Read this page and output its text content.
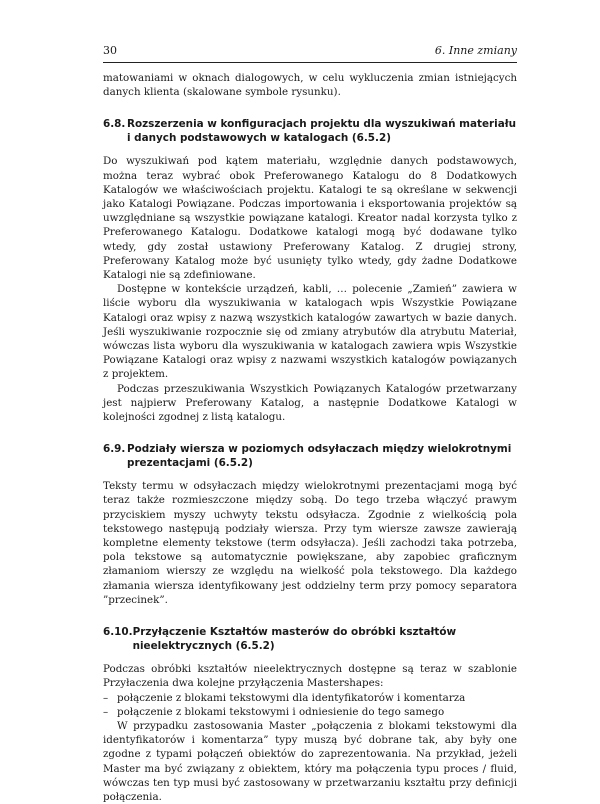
30	6. Inne zmiany

matowaniami w oknach dialogowych, w celu wykluczenia zmian istniejących danych klienta (skalowane symbole rysunku).

6.8. Rozszerzenia w konfiguracjach projektu dla wyszukiwań materiału i danych podstawowych w katalogach (6.5.2)

Do wyszukiwań pod kątem materiału, względnie danych podstawowych, można teraz wybrać obok Preferowanego Katalogu do 8 Dodatkowych Katalogów we właściwościach projektu. Katalogi te są określane w sekwencji jako Katalogi Powiązane. Podczas importowania i eksportowania projektów są uwzględniane są wszystkie powiązane katalogi. Kreator nadal korzysta tylko z Preferowanego Katalogu. Dodatkowe katalogi mogą być dodawane tylko wtedy, gdy został ustawiony Preferowany Katalog. Z drugiej strony, Preferowany Katalog może być usunięty tylko wtedy, gdy żadne Dodatkowe Katalogi nie są zdefiniowane.

Dostępne w kontekście urządzeń, kabli, … polecenie „Zamień” zawiera w liście wyboru dla wyszukiwania w katalogach wpis Wszystkie Powiązane Katalogi oraz wpisy z nazwą wszystkich katalogów zawartych w bazie danych. Jeśli wyszukiwanie rozpocznie się od zmiany atrybutów dla atrybutu Materiał, wówczas lista wyboru dla wyszukiwania w katalogach zawiera wpis Wszystkie Powiązane Katalogi oraz wpisy z nazwami wszystkich katalogów powiązanych z projektem.

Podczas przeszukiwania Wszystkich Powiązanych Katalogów przetwarzany jest najpierw Preferowany Katalog, a następnie Dodatkowe Katalogi w kolejności zgodnej z listą katalogu.

6.9. Podziały wiersza w poziomych odsyłaczach między wielokrotnymi prezentacjami (6.5.2)

Teksty termu w odsyłaczach między wielokrotnymi prezentacjami mogą być teraz także rozmieszczone między sobą. Do tego trzeba włączyć prawym przyciskiem myszy uchwyty tekstu odsyłacza. Zgodnie z wielkością pola tekstowego następują podziały wiersza. Przy tym wiersze zawsze zawierają kompletne elementy tekstowe (term odsyłacza). Jeśli zachodzi taka potrzeba, pola tekstowe są automatycznie powiększane, aby zapobiec graficznym złamaniom wierszy ze względu na wielkość pola tekstowego. Dla każdego złamania wiersza identyfikowany jest oddzielny term przy pomocy separatora ”przecinek”.

6.10. Przyłączenie Kształtów masterów do obróbki kształtów nieelektrycznych (6.5.2)

Podczas obróbki kształtów nieelektrycznych dostępne są teraz w szablonie Przyłaczenia dwa kolejne przyłączenia Mastershapes:

– połączenie z blokami tekstowymi dla identyfikatorów i komentarza
– połączenie z blokami tekstowymi i odniesienie do tego samego

W przypadku zastosowania Master „połączenia z blokami tekstowymi dla identyfikatorów i komentarza” typy muszą być dobrane tak, aby były one zgodne z typami połączeń obiektów do zaprezentowania. Na przykład, jeżeli Master ma być związany z obiektem, który ma połączenia typu proces / fluid, wówczas ten typ musi być zastosowany w przetwarzaniu kształtu przy definicji połączenia.
